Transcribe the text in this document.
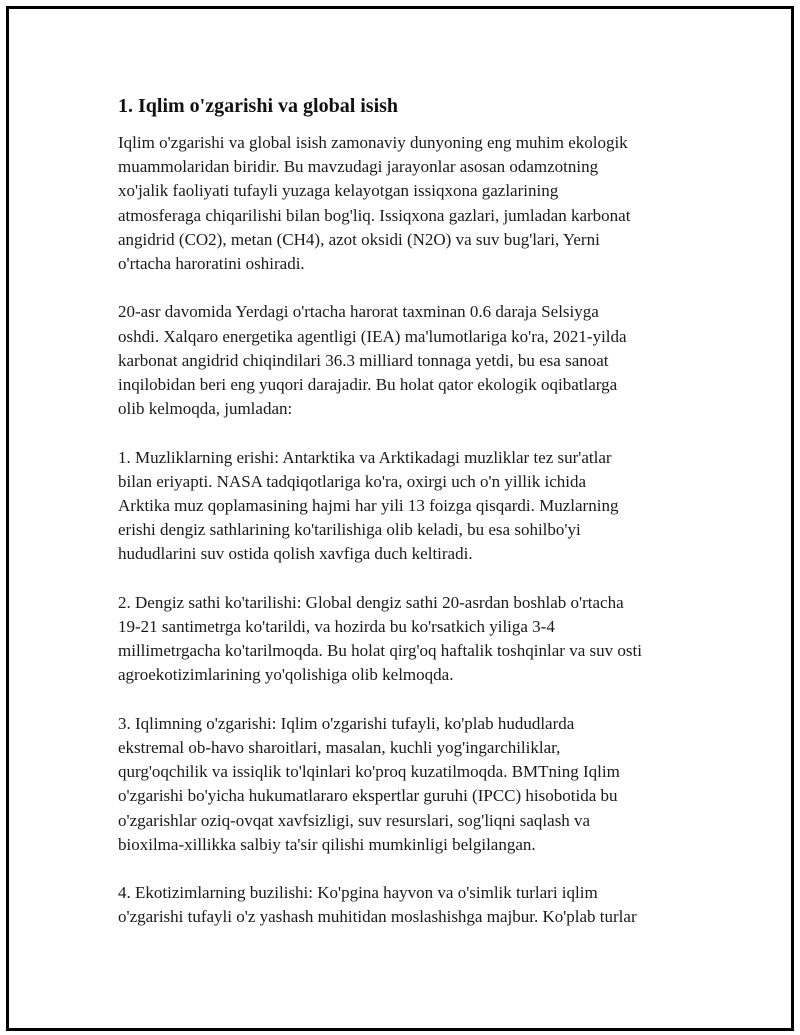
1. Iqlim o'zgarishi va global isish

Iqlim o'zgarishi va global isish zamonaviy dunyoning eng muhim ekologik
muammolaridan biridir. Bu mavzudagi jarayonlar asosan odamzotning
xo'jalik faoliyati tufayli yuzaga kelayotgan issiqxona gazlarining
atmosferaga chiqarilishi bilan bog'liq. Issiqxona gazlari, jumladan karbonat
angidrid (CO2), metan (CH4), azot oksidi (N2O) va suv bug'lari, Yerni
o'rtacha haroratini oshiradi.

20-asr davomida Yerdagi o'rtacha harorat taxminan 0.6 daraja Selsiyga
oshdi. Xalqaro energetika agentligi (IEA) ma'lumotlariga ko'ra, 2021-yilda
karbonat angidrid chiqindilari 36.3 milliard tonnaga yetdi, bu esa sanoat
inqilobidan beri eng yuqori darajadir. Bu holat qator ekologik oqibatlarga
olib kelmoqda, jumladan:

1. Muzliklarning erishi: Antarktika va Arktikadagi muzliklar tez sur'atlar
bilan eriyapti. NASA tadqiqotlariga ko'ra, oxirgi uch o'n yillik ichida
Arktika muz qoplamasining hajmi har yili 13 foizga qisqardi. Muzlarning
erishi dengiz sathlarining ko'tarilishiga olib keladi, bu esa sohilbo'yi
hududlarini suv ostida qolish xavfiga duch keltiradi.

2. Dengiz sathi ko'tarilishi: Global dengiz sathi 20-asrdan boshlab o'rtacha
19-21 santimetrga ko'tarildi, va hozirda bu ko'rsatkich yiliga 3-4
millimetrgacha ko'tarilmoqda. Bu holat qirg'oq haftalik toshqinlar va suv osti
agroekotizimlarining yo'qolishiga olib kelmoqda.

3. Iqlimning o'zgarishi: Iqlim o'zgarishi tufayli, ko'plab hududlarda
ekstremal ob-havo sharoitlari, masalan, kuchli yog'ingarchiliklar,
qurg'oqchilik va issiqlik to'lqinlari ko'proq kuzatilmoqda. BMTning Iqlim
o'zgarishi bo'yicha hukumatlararo ekspertlar guruhi (IPCC) hisobotida bu
o'zgarishlar oziq-ovqat xavfsizligi, suv resurslari, sog'liqni saqlash va
bioxilma-xillikka salbiy ta'sir qilishi mumkinligi belgilangan.

4. Ekotizimlarning buzilishi: Ko'pgina hayvon va o'simlik turlari iqlim
o'zgarishi tufayli o'z yashash muhitidan moslashishga majbur. Ko'plab turlar
